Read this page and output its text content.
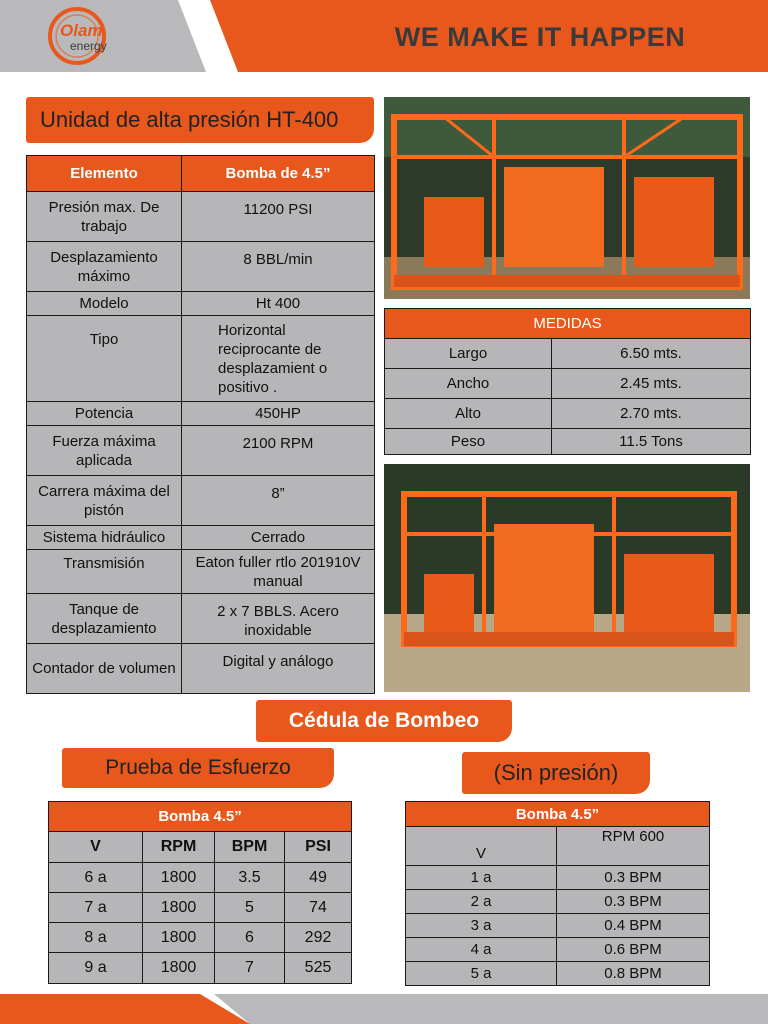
Olam
energy	WE MAKE IT HAPPEN
Unidad de alta presión HT-400
Elemento	Bomba de 4.5”
Presión max. De trabajo	11200 PSI
Desplazamiento máximo	8 BBL/min
Modelo	Ht 400
Tipo	Horizontal reciprocante de desplazamient o positivo .
Potencia	450HP
Fuerza máxima aplicada	2100 RPM
Carrera máxima del pistón	8”
Sistema hidráulico	Cerrado
Transmisión	Eaton fuller rtlo 201910V manual
Tanque de desplazamiento	2 x 7 BBLS. Acero inoxidable
Contador de volumen	Digital y análogo
MEDIDAS	
Largo	6.50 mts.
Ancho	2.45 mts.
Alto	2.70 mts.
Peso	11.5 Tons
Cédula de Bombeo
Prueba de Esfuerzo
Bomba 4.5”			
V	RPM	BPM	PSI
6 a	1800	3.5	49
7 a	1800	5	74
8 a	1800	6	292
9 a	1800	7	525
(Sin presión)
Bomba 4.5”	
V	RPM 600
1 a	0.3 BPM
2 a	0.3 BPM
3 a	0.4 BPM
4 a	0.6 BPM
5 a	0.8 BPM
